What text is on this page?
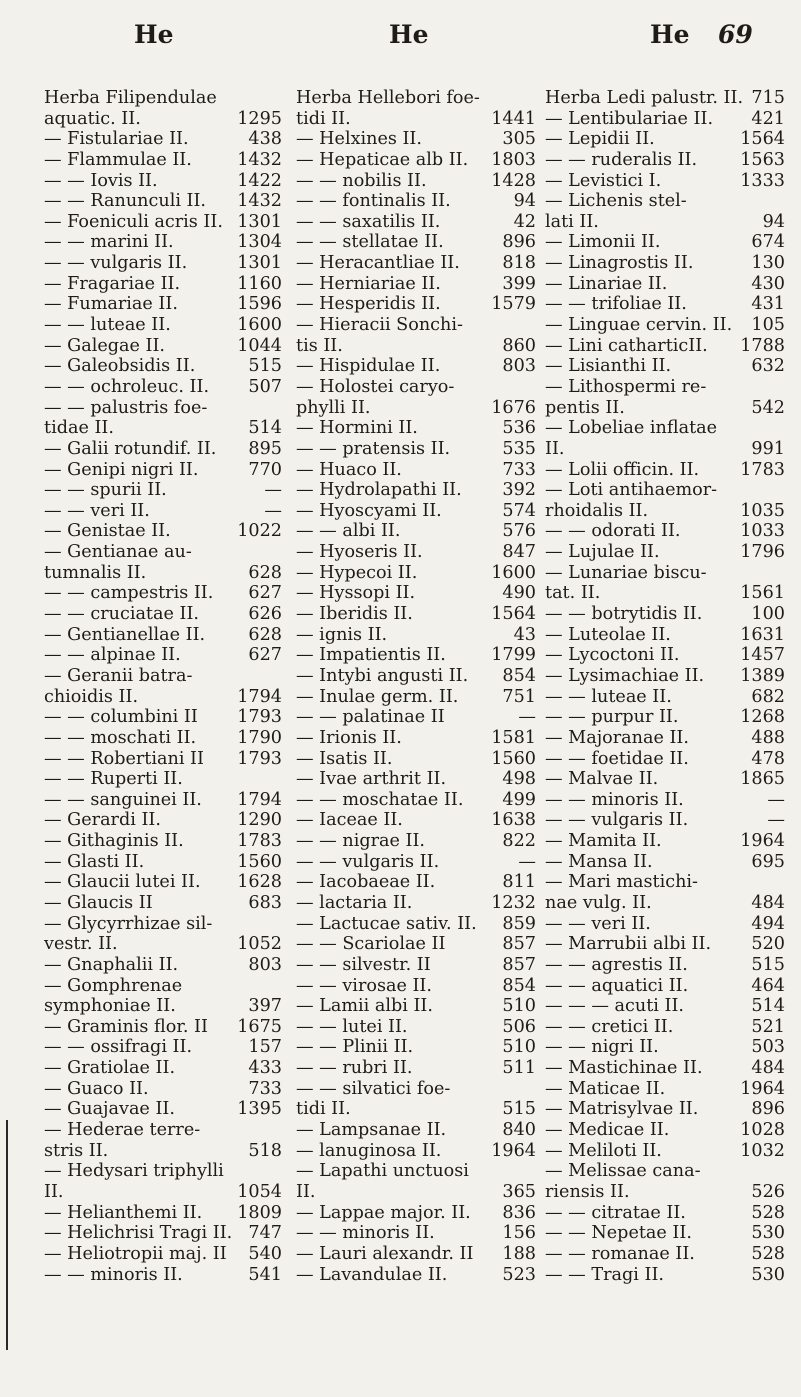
He	He	He 69
Herba Filipendulae
aquatic. II.	1295
— Fistulariae II.	438
— Flammulae II.	1432
— — Iovis II.	1422
— — Ranunculi II.	1432
— Foeniculi acris II. 1301
— — marini II.	1304
— — vulgaris II.	1301
— Fragariae II.	1160
— Fumariae II.	1596
— — luteae II.	1600
— Galegae II.	1044
— Galeobsidis II.	515
— — ochroleuc. II.	507
— — palustris foe-
tidae II.	514
— Galii rotundif. II.	895
— Genipi nigri II.	770
— — spurii II.	—
— — veri II.	—
— Genistae II.	1022
— Gentianae au-
tumnalis II.	628
— — campestris II.	627
— — cruciatae II.	626
— Gentianellae II.	628
— — alpinae II.	627
— Geranii batra-
chioidis II.	1794
— — columbini II	1793
— — moschati II.	1790
— — Robertiani II	1793
— — Ruperti II.
— — sanguinei II.	1794
— Gerardi II.	1290
— Githaginis II.	1783
— Glasti II.	1560
— Glaucii lutei II.	1628
— Glaucis II	683
— Glycyrrhizae sil-
vestr. II.	1052
— Gnaphalii II.	803
— Gomphrenae
symphoniae II.	397
— Graminis flor. II	1675
— — ossifragi II.	157
— Gratiolae II.	433
— Guaco II.	733
— Guajavae II.	1395
— Hederae terre-
stris II.	518
— Hedysari triphylli
II.	1054
— Helianthemi II.	1809
— Helichrisi Tragi II. 747
— Heliotropii maj. II	540
— — minoris II.	541
Herba Hellebori foe-
tidi II.	1441
— Helxines II.	305
— Hepaticae alb II.	1803
— — nobilis II.	1428
— — fontinalis II.	94
— — saxatilis II.	42
— — stellatae II.	896
— Heracantliae II.	818
— Herniariae II.	399
— Hesperidis II.	1579
— Hieracii Sonchi-
tis II.	860
— Hispidulae II.	803
— Holostei caryo-
phylli II.	1676
— Hormini II.	536
— — pratensis II.	535
— Huaco II.	733
— Hydrolapathi II.	392
— Hyoscyami II.	574
— — albi II.	576
— Hyoseris II.	847
— Hypecoi II.	1600
— Hyssopi II.	490
— Iberidis II.	1564
— ignis II.	43
— Impatientis II.	1799
— Intybi angusti II.	854
— Inulae germ. II.	751
— — palatinae II	—
— Irionis II.	1581
— Isatis II.	1560
— Ivae arthrit II.	498
— — moschatae II.	499
— Iaceae II.	1638
— — nigrae II.	822
— — vulgaris II.	—
— Iacobaeae II.	811
— lactaria II.	1232
— Lactucae sativ. II.	859
— — Scariolae II	857
— — silvestr. II	857
— — virosae II.	854
— Lamii albi II.	510
— — lutei II.	506
— — Plinii II.	510
— — rubri II.	511
— — silvatici foe-
tidi II.	515
— Lampsanae II.	840
— lanuginosa II.	1964
— Lapathi unctuosi
II.	365
— Lappae major. II.	836
— — minoris II.	156
— Lauri alexandr. II	188
— Lavandulae II.	523
Herba Ledi palustr. II. 715
— Lentibulariae II.	421
— Lepidii II.	1564
— — ruderalis II.	1563
— Levistici I.	1333
— Lichenis stel-
lati II.	94
— Limonii II.	674
— Linagrostis II.	130
— Linariae II.	430
— — trifoliae II.	431
— Linguae cervin. II.	105
— Lini catharticII.	1788
— Lisianthi II.	632
— Lithospermi re-
pentis II.	542
— Lobeliae inflatae
II.	991
— Lolii officin. II.	1783
— Loti antihaemor-
rhoidalis II.	1035
— — odorati II.	1033
— Lujulae II.	1796
— Lunariae biscu-
tat. II.	1561
— — botrytidis II.	100
— Luteolae II.	1631
— Lycoctoni II.	1457
— Lysimachiae II.	1389
— — luteae II.	682
— — purpur II.	1268
— Majoranae II.	488
— — foetidae II.	478
— Malvae II.	1865
— — minoris II.	—
— — vulgaris II.	—
— Mamita II.	1964
— Mansa II.	695
— Mari mastichi-
nae vulg. II.	484
— — veri II.	494
— Marrubii albi II.	520
— — agrestis II.	515
— — aquatici II.	464
— — — acuti II.	514
— — cretici II.	521
— — nigri II.	503
— Mastichinae II.	484
— Maticae II.	1964
— Matrisylvae II.	896
— Medicae II.	1028
— Meliloti II.	1032
— Melissae cana-
riensis II.	526
— — citratae II.	528
— — Nepetae II.	530
— — romanae II.	528
— — Tragi II.	530
